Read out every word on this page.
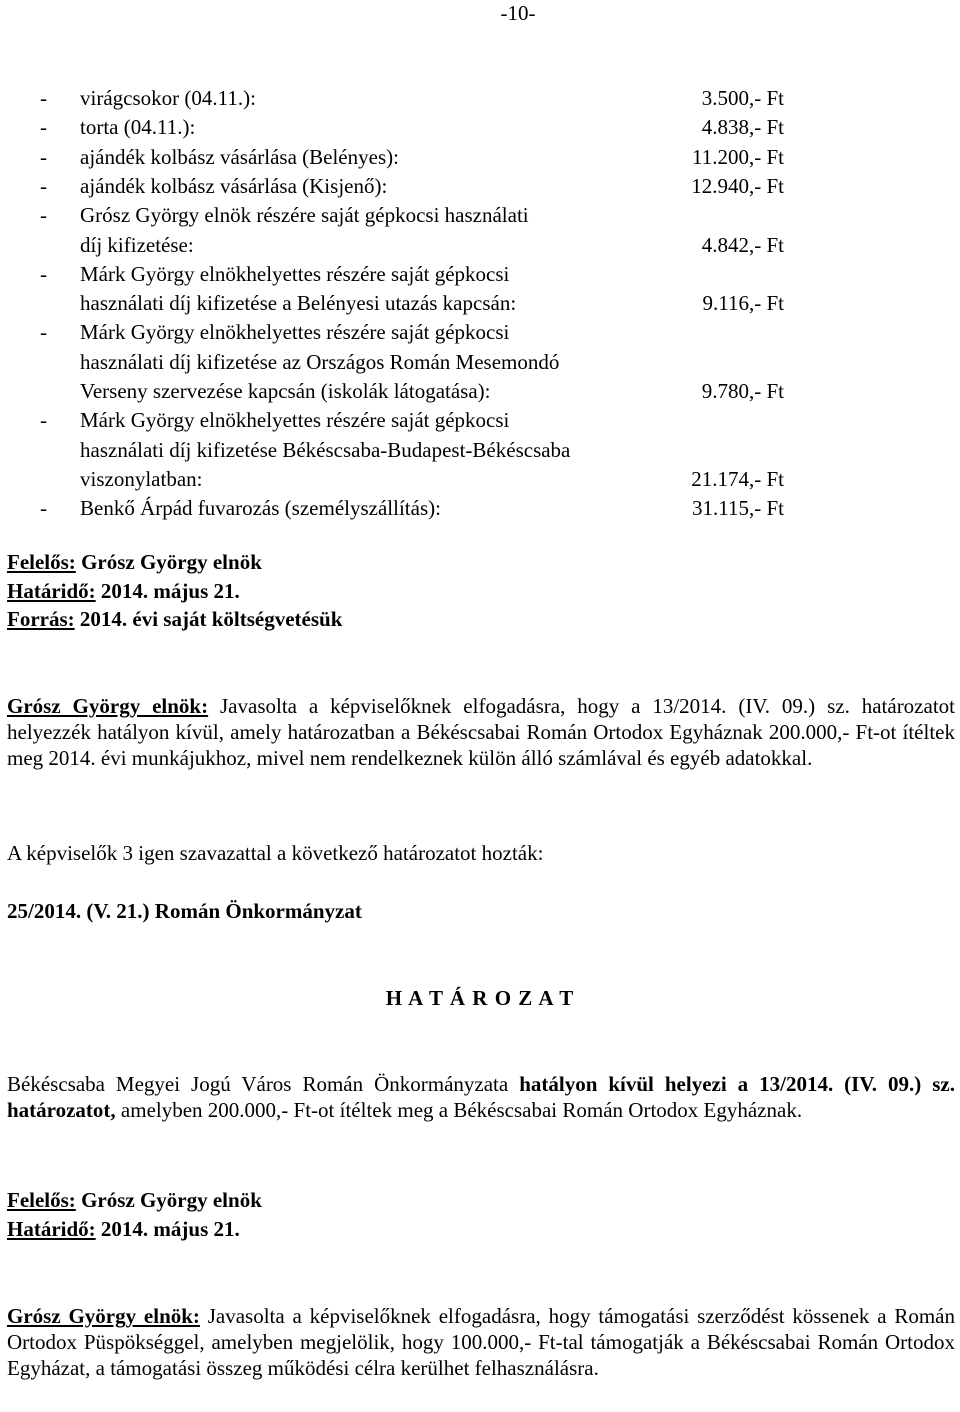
-10-
- virágcsokor (04.11.):	3.500,- Ft
- torta (04.11.):	4.838,- Ft
- ajándék kolbász vásárlása (Belényes):	11.200,- Ft
- ajándék kolbász vásárlása (Kisjenő):	12.940,- Ft
- Grósz György elnök részére saját gépkocsi használati
díj kifizetése:	4.842,- Ft
- Márk György elnökhelyettes részére saját gépkocsi
használati díj kifizetése a Belényesi utazás kapcsán:	9.116,- Ft
- Márk György elnökhelyettes részére saját gépkocsi
használati díj kifizetése az Országos Román Mesemondó
Verseny szervezése kapcsán (iskolák látogatása):	9.780,- Ft
- Márk György elnökhelyettes részére saját gépkocsi
használati díj kifizetése Békéscsaba-Budapest-Békéscsaba
viszonylatban:	21.174,- Ft
- Benkő Árpád fuvarozás (személyszállítás):	31.115,- Ft
Felelős: Grósz György elnök
Határidő: 2014. május 21.
Forrás: 2014. évi saját költségvetésük
Grósz György elnök: Javasolta a képviselőknek elfogadásra, hogy a 13/2014. (IV. 09.) sz. határozatot helyezzék hatályon kívül, amely határozatban a Békéscsabai Román Ortodox Egyháznak 200.000,- Ft-ot ítéltek meg 2014. évi munkájukhoz, mivel nem rendelkeznek külön álló számlával és egyéb adatokkal.
A képviselők 3 igen szavazattal a következő határozatot hozták:
25/2014. (V. 21.) Román Önkormányzat
H A T Á R O Z A T
Békéscsaba Megyei Jogú Város Román Önkormányzata hatályon kívül helyezi a 13/2014. (IV. 09.) sz. határozatot, amelyben 200.000,- Ft-ot ítéltek meg a Békéscsabai Román Ortodox Egyháznak.
Felelős: Grósz György elnök
Határidő: 2014. május 21.
Grósz György elnök: Javasolta a képviselőknek elfogadásra, hogy támogatási szerződést kössenek a Román Ortodox Püspökséggel, amelyben megjelölik, hogy 100.000,- Ft-tal támogatják a Békéscsabai Román Ortodox Egyházat, a támogatási összeg működési célra kerülhet felhasználásra.
